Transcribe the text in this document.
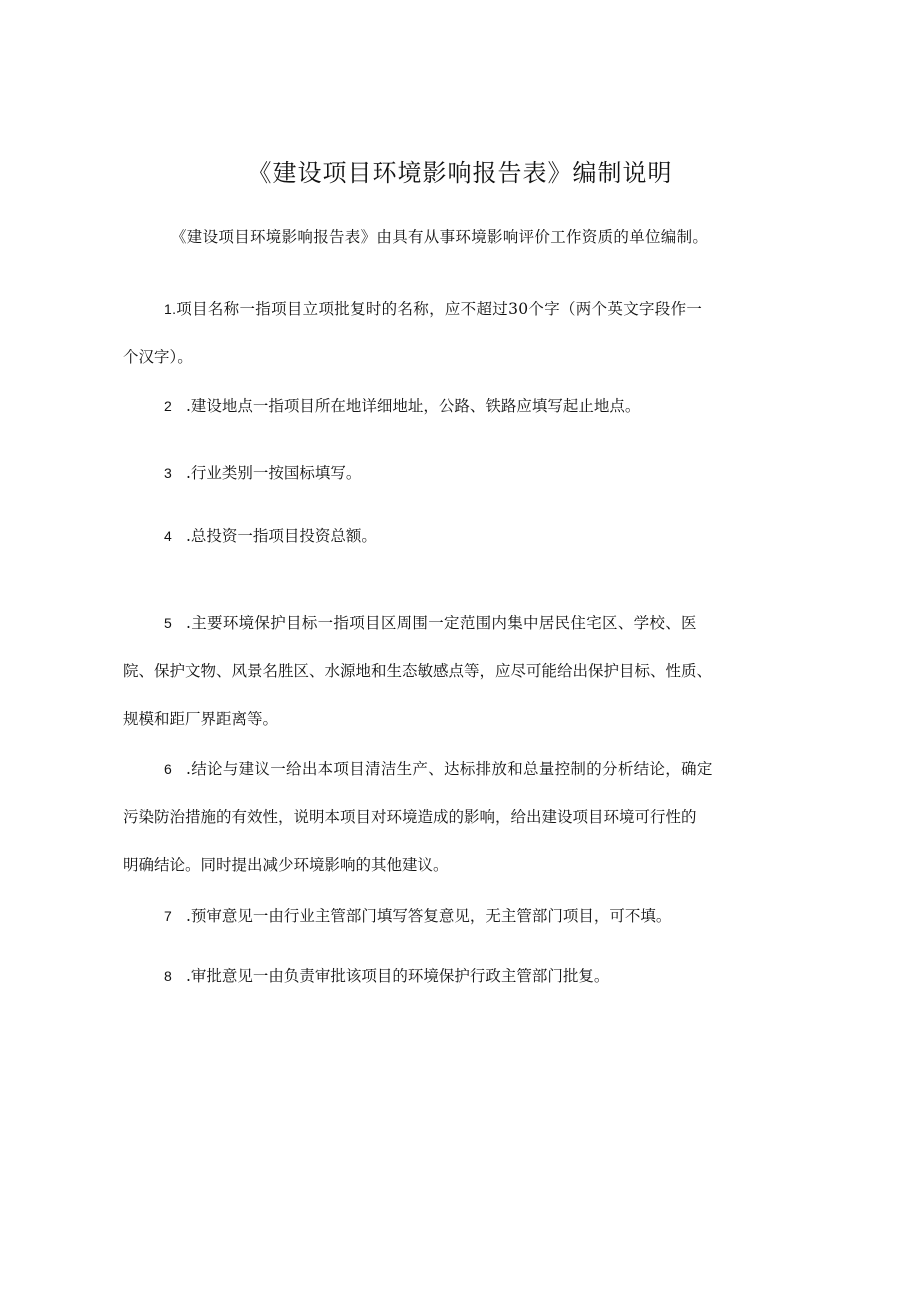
《建设项目环境影响报告表》编制说明
《建设项目环境影响报告表》由具有从事环境影响评价工作资质的单位编制。
1.项目名称一指项目立项批复时的名称，应不超过30个字（两个英文字段作一
个汉字）。
2 .建设地点一指项目所在地详细地址，公路、铁路应填写起止地点。
3 .行业类别一按国标填写。
4 .总投资一指项目投资总额。
5 .主要环境保护目标一指项目区周围一定范围内集中居民住宅区、学校、医
院、保护文物、风景名胜区、水源地和生态敏感点等，应尽可能给出保护目标、性质、
规模和距厂界距离等。
6 .结论与建议一给出本项目清洁生产、达标排放和总量控制的分析结论，确定
污染防治措施的有效性，说明本项目对环境造成的影响，给出建设项目环境可行性的
明确结论。同时提出减少环境影响的其他建议。
7 .预审意见一由行业主管部门填写答复意见，无主管部门项目，可不填。
8 .审批意见一由负责审批该项目的环境保护行政主管部门批复。
